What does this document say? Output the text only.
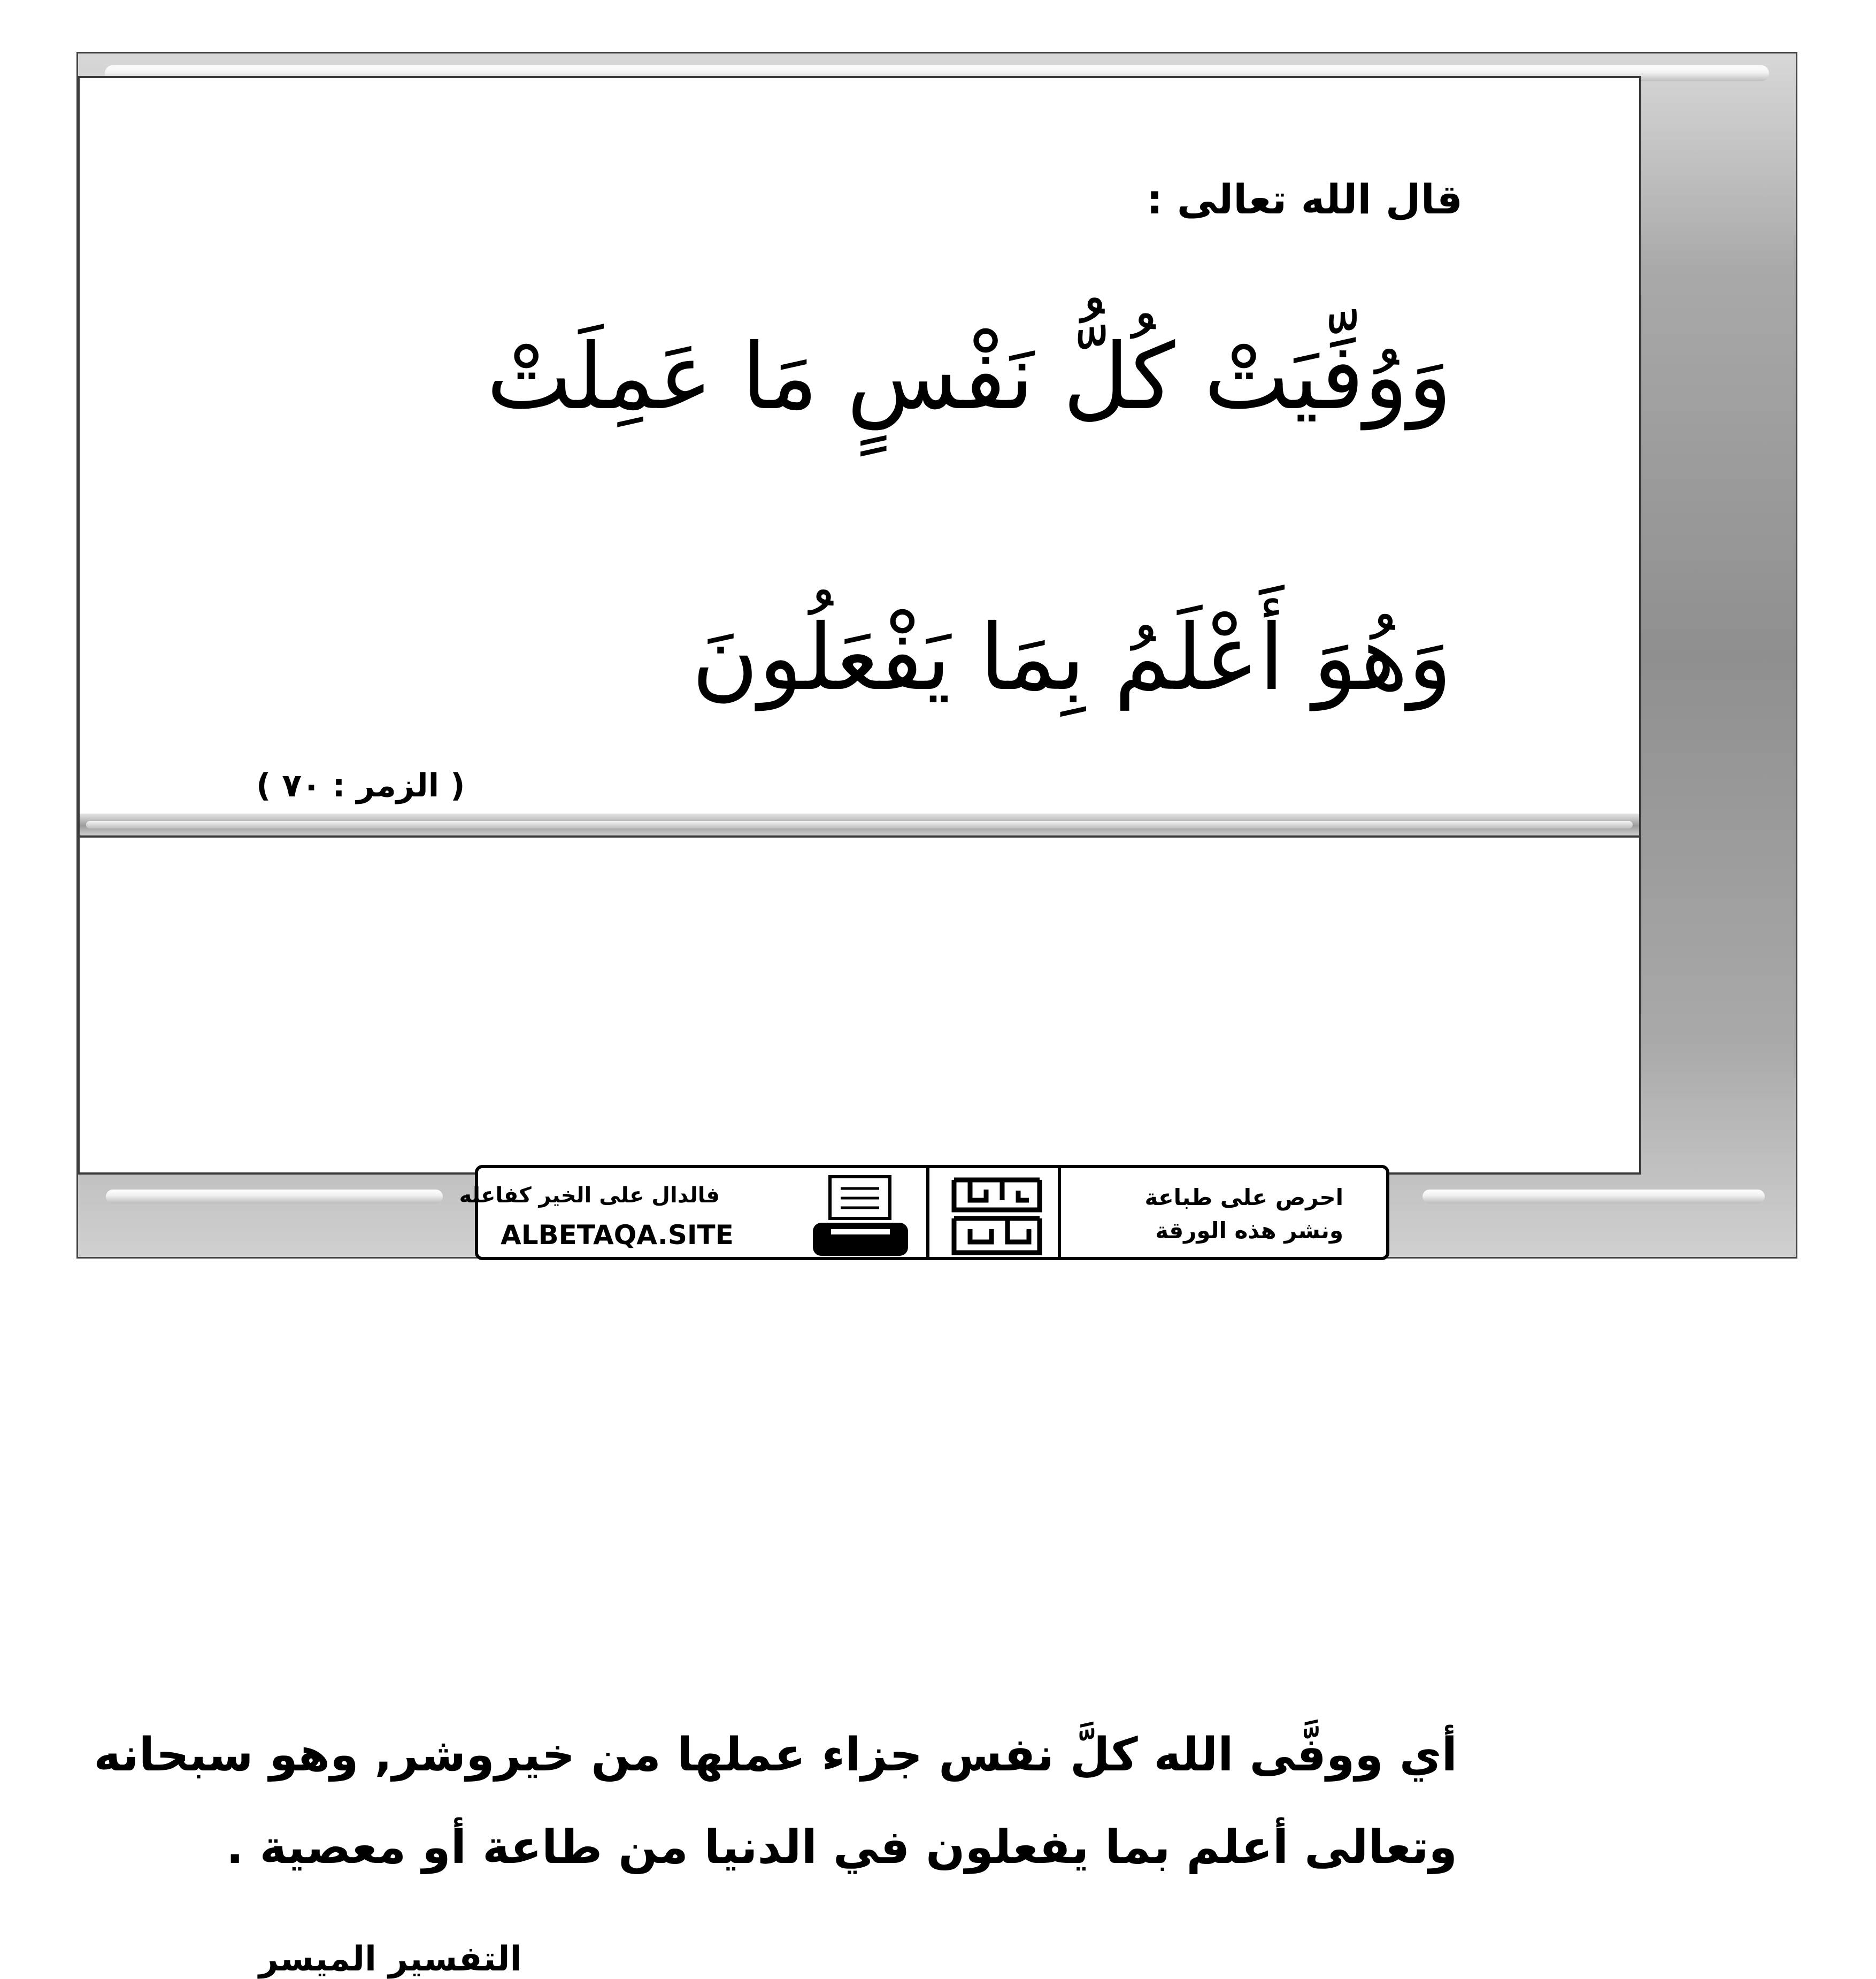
قال الله تعالى :
وَوُفِّيَتْ كُلُّ نَفْسٍ مَا عَمِلَتْ
وَهُوَ أَعْلَمُ بِمَا يَفْعَلُونَ
( الزمر : ٧٠ )
أي ووفَّى الله كلَّ نفس جزاء عملها من خيروشر, وهو سبحانه
وتعالى أعلم بما يفعلون في الدنيا من طاعة أو معصية .
التفسير الميسر
فالدال على الخير كفاعله
ALBETAQA.SITE
احرص على طباعة
ونشر هذه الورقة
